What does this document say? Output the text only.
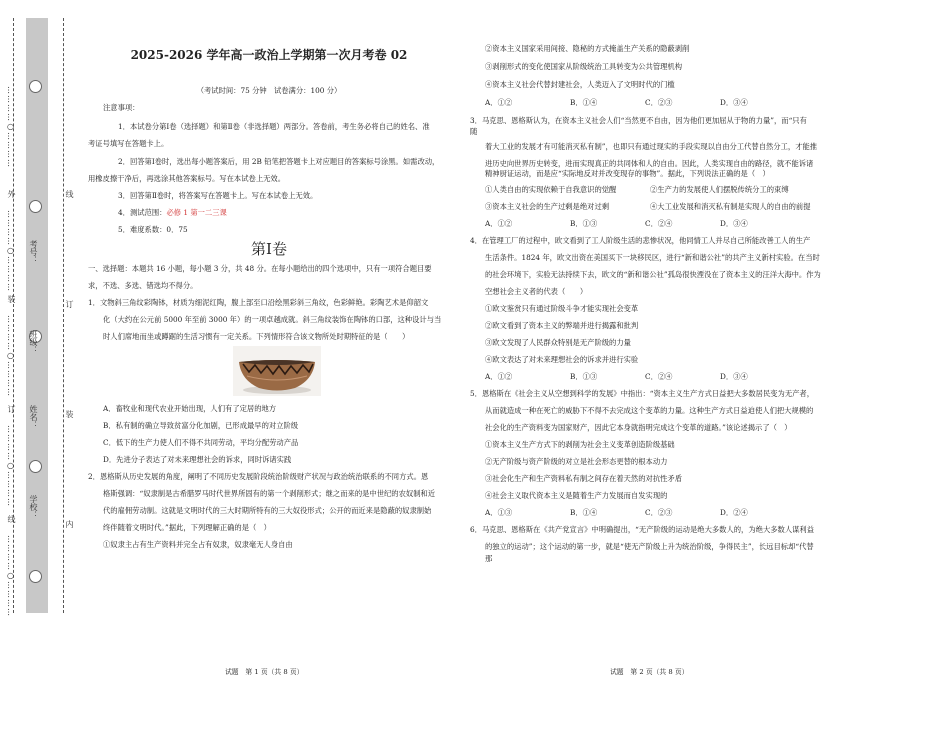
…………○…………
外
…………○…………
装
…………○…………
订
…………○…………
线
…………○…………
学校：
姓名：
班级：
考号：
内
装
订
线
2025-2026 学年高一政治上学期第一次月考卷 02
（考试时间：75 分钟　试卷满分：100 分）
注意事项：
1．本试卷分第Ⅰ卷（选择题）和第Ⅱ卷（非选择题）两部分。答卷前，考生务必将自己的姓名、准
考证号填写在答题卡上。
2．回答第Ⅰ卷时，选出每小题答案后，用 2B 铅笔把答题卡上对应题目的答案标号涂黑。如需改动，
用橡皮擦干净后，再选涂其他答案标号。写在本试卷上无效。
3．回答第Ⅱ卷时，将答案写在答题卡上。写在本试卷上无效。
4．测试范围：必修 1 第一二三课
5．难度系数：0．75
第Ⅰ卷
一、选择题：本题共 16 小题，每小题 3 分，共 48 分。在每小题给出的四个选项中，只有一项符合题目要
求，不选、多选、错选均不得分。
1．文物斜三角纹彩陶钵，材质为细泥红陶，腹上部至口沿绘黑彩斜三角纹，色彩鲜艳。彩陶艺术是仰韶文
化（大约在公元前 5000 年至前 3000 年）的一项卓越成就。斜三角纹装饰在陶钵的口部，这种设计与当
时人们席地而坐或蹲踞的生活习惯有一定关系。下列情形符合该文物所处时期特征的是（　　）
A．畜牧业和现代农业开始出现，人们有了定居的地方
B．私有制的确立导致贫富分化加剧，已形成最早的对立阶级
C．低下的生产力使人们不得不共同劳动，平均分配劳动产品
D．先进分子表达了对未来理想社会的诉求，同时诉诸实践
2．恩格斯从历史发展的角度，阐明了不同历史发展阶段统治阶级财产状况与政治统治联系的不同方式。恩
格斯强调：“奴隶制是古希腊罗马时代世界所固有的第一个剥削形式；继之而来的是中世纪的农奴制和近
代的雇佣劳动制。这就是文明时代的三大时期所特有的三大奴役形式；公开的而近来是隐蔽的奴隶制始
终伴随着文明时代。”据此，下列理解正确的是（　）
①奴隶主占有生产资料并完全占有奴隶，奴隶毫无人身自由
②资本主义国家采用间接、隐秘的方式掩盖生产关系的隐蔽剥削
③剥削形式的变化使国家从阶级统治工具转变为公共管理机构
④资本主义社会代替封建社会，人类迈入了文明时代的门槛
A．①②	B．①④	C．②③	D．③④
3．马克思、恩格斯认为，在资本主义社会人们“当然更不自由，因为他们更加屈从于物的力量”，而“只有
随
着大工业的发展才有可能消灭私有制”，也即只有通过现实的手段实现以自由分工代替自然分工，才能推
进历史向世界历史转变，进而实现真正的共同体和人的自由。因此，人类实现自由的路径，就不能诉诸
精神厨证运动，而是应“实际地反对并改变现存的事物”。据此，下列说法正确的是（　）
①人类自由的实现依赖于自我意识的觉醒	②生产力的发展使人们摆脱传统分工的束缚
③资本主义社会的生产过剩是绝对过剩	④大工业发展和消灭私有制是实现人的自由的前提
A．①②	B．①③	C．②④	D．③④
4．在管理工厂的过程中，欧文看到了工人阶级生活的悲惨状况，他同情工人并尽自己所能改善工人的生产
生活条件。1824 年，欧文出资在美国买下一块移民区，进行“新和谐公社”的共产主义新村实验。在当时
的社会环境下，实验无法持续下去，欧文的“新和谐公社”孤岛很快湮没在了资本主义的汪洋大海中。作为
空想社会主义者的代表（　　）
①欧文鉴赏只有通过阶级斗争才能实现社会变革
②欧文看到了资本主义的弊端并进行揭露和批判
③欧文发现了人民群众特别是无产阶级的力量
④欧文表达了对未来理想社会的诉求并进行实验
A．①②	B．①③	C．②④	D．③④
5．恩格斯在《社会主义从空想到科学的发展》中指出：“资本主义生产方式日益把大多数居民变为无产者，
从而就造成一种在死亡的威胁下不得不去完成这个变革的力量。这种生产方式日益迫使人们把大规模的
社会化的生产资料变为国家财产，因此它本身就指明完成这个变革的道路。”该论述揭示了（　）
①资本主义生产方式下的剥削为社会主义变革创造阶级基础
②无产阶级与资产阶级的对立是社会形态更替的根本动力
③社会化生产和生产资料私有制之间存在着天然的对抗性矛盾
④社会主义取代资本主义是随着生产力发展而自发实现的
A．①③	B．①④	C．②③	D．②④
6．马克思、恩格斯在《共产党宣言》中明确提出，“无产阶级的运动是绝大多数人的，为绝大多数人谋利益
的独立的运动”；这个运动的第一步，就是“使无产阶级上升为统治阶级，争得民主”，长远目标却“代替
那
试题　第 1 页（共 8 页）	试题　第 2 页（共 8 页）
